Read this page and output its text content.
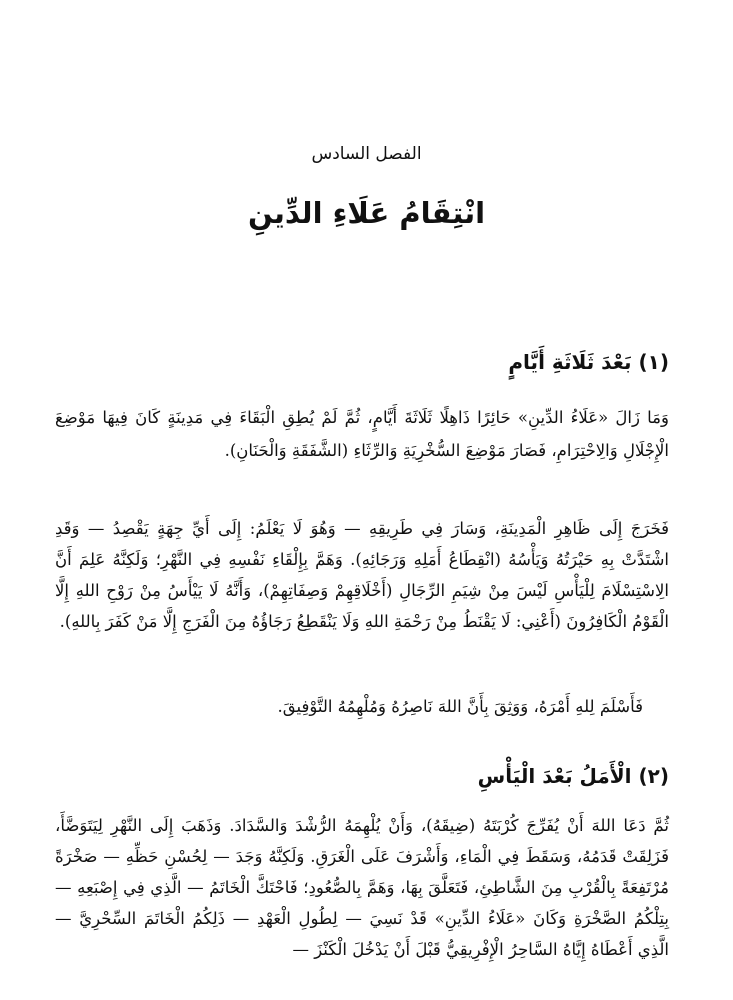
الفصل السادس
انْتِقَامُ عَلَاءِ الدِّينِ
(١) بَعْدَ ثَلَاثَةِ أَيَّامٍ
وَمَا زَالَ «عَلَاءُ الدِّينِ» حَائِرًا ذَاهِلًا ثَلَاثَةَ أَيَّامٍ، ثُمَّ لَمْ يُطِقِ الْبَقَاءَ فِي مَدِينَةٍ كَانَ فِيهَا مَوْضِعَ الْإِجْلَالِ وَالِاحْتِرَامِ، فَصَارَ مَوْضِعَ السُّخْرِيَةِ وَالرِّثَاءِ (الشَّفَقَةِ وَالْحَنَانِ).
فَخَرَجَ إِلَى ظَاهِرِ الْمَدِينَةِ، وَسَارَ فِي طَرِيقِهِ — وَهُوَ لَا يَعْلَمُ: إِلَى أَيِّ جِهَةٍ يَقْصِدُ — وَقَدِ اشْتَدَّتْ بِهِ حَيْرَتُهُ وَيَأْسُهُ (انْقِطَاعُ أَمَلِهِ وَرَجَائِهِ). وَهَمَّ بِإِلْقَاءِ نَفْسِهِ فِي النَّهْرِ؛ وَلَكِنَّهُ عَلِمَ أَنَّ الِاسْتِسْلَامَ لِلْيَأْسِ لَيْسَ مِنْ شِيَمِ الرِّجَالِ (أَخْلَاقِهِمْ وَصِفَاتِهِمْ)، وَأَنَّهُ لَا يَيْأَسُ مِنْ رَوْحِ اللهِ إِلَّا الْقَوْمُ الْكَافِرُونَ (أَعْنِي: لَا يَقْنَطُ مِنْ رَحْمَةِ اللهِ وَلَا يَنْقَطِعُ رَجَاؤُهُ مِنَ الْفَرَجِ إِلَّا مَنْ كَفَرَ بِاللهِ).
فَأَسْلَمَ لِلهِ أَمْرَهُ، وَوَثِقَ بِأَنَّ اللهَ نَاصِرُهُ وَمُلْهِمُهُ التَّوْفِيقَ.
(٢) الْأَمَلُ بَعْدَ الْيَأْسِ
ثُمَّ دَعَا اللهَ أَنْ يُفَرِّجَ كُرْبَتَهُ (ضِيقَهُ)، وَأَنْ يُلْهِمَهُ الرُّشْدَ وَالسَّدَادَ. وَذَهَبَ إِلَى النَّهْرِ لِيَتَوَضَّأَ، فَزَلِقَتْ قَدَمُهُ، وَسَقَطَ فِي الْمَاءِ، وَأَشْرَفَ عَلَى الْغَرَقِ. وَلَكِنَّهُ وَجَدَ — لِحُسْنِ حَظِّهِ — صَخْرَةً مُرْتَفِعَةً بِالْقُرْبِ مِنَ الشَّاطِئِ، فَتَعَلَّقَ بِهَا، وَهَمَّ بِالصُّعُودِ؛ فَاحْتَكَّ الْخَاتَمُ — الَّذِي فِي إِصْبَعِهِ — بِتِلْكُمُ الصَّخْرَةِ وَكَانَ «عَلَاءُ الدِّينِ» قَدْ نَسِيَ — لِطُولِ الْعَهْدِ — ذَلِكُمُ الْخَاتَمَ السِّحْرِيَّ — الَّذِي أَعْطَاهُ إِيَّاهُ السَّاحِرُ الْإِفْرِيقِيُّ قَبْلَ أَنْ يَدْخُلَ الْكَنْزَ —
